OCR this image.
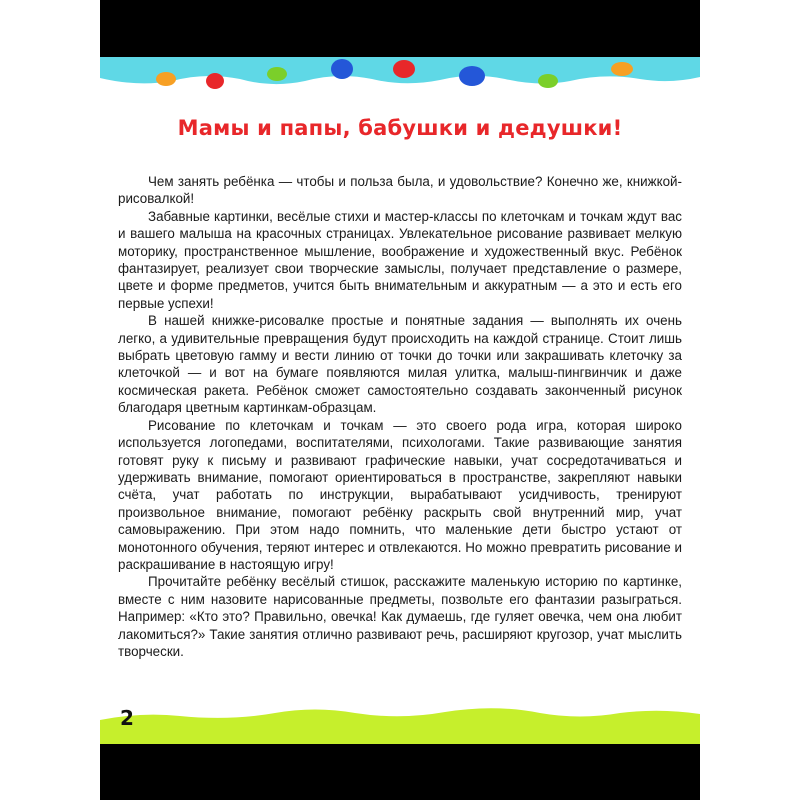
Мамы и папы, бабушки и дедушки!

Чем занять ребёнка — чтобы и польза была, и удовольствие? Конечно же, книжкой-рисовалкой!

Забавные картинки, весёлые стихи и мастер-классы по клеточкам и точкам ждут вас и вашего малыша на красочных страницах. Увлекательное рисование развивает мелкую моторику, пространственное мышление, воображение и художественный вкус. Ребёнок фантазирует, реализует свои творческие замыслы, получает представление о размере, цвете и форме предметов, учится быть внимательным и аккуратным — а это и есть его первые успехи!

В нашей книжке-рисовалке простые и понятные задания — выполнять их очень легко, а удивительные превращения будут происходить на каждой странице. Стоит лишь выбрать цветовую гамму и вести линию от точки до точки или закрашивать клеточку за клеточкой — и вот на бумаге появляются милая улитка, малыш-пингвинчик и даже космическая ракета. Ребёнок сможет самостоятельно создавать законченный рисунок благодаря цветным картинкам-образцам.

Рисование по клеточкам и точкам — это своего рода игра, которая широко используется логопедами, воспитателями, психологами. Такие развивающие занятия готовят руку к письму и развивают графические навыки, учат сосредотачиваться и удерживать внимание, помогают ориентироваться в пространстве, закрепляют навыки счёта, учат работать по инструкции, вырабатывают усидчивость, тренируют произвольное внимание, помогают ребёнку раскрыть свой внутренний мир, учат самовыражению. При этом надо помнить, что маленькие дети быстро устают от монотонного обучения, теряют интерес и отвлекаются. Но можно превратить рисование и раскрашивание в настоящую игру!

Прочитайте ребёнку весёлый стишок, расскажите маленькую историю по картинке, вместе с ним назовите нарисованные предметы, позвольте его фантазии разыграться. Например: «Кто это? Правильно, овечка! Как думаешь, где гуляет овечка, чем она любит лакомиться?» Такие занятия отлично развивают речь, расширяют кругозор, учат мыслить творчески.

2
